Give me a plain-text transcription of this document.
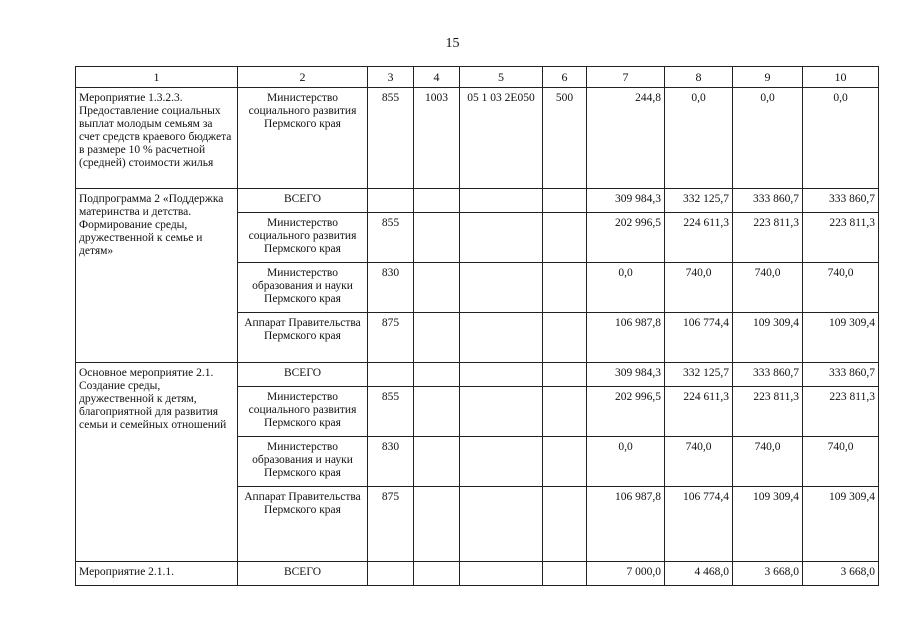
15
1	2	3	4	5	6	7	8	9	10
Мероприятие 1.3.2.3. Предоставление социальных выплат молодым семьям за счет средств краевого бюджета в размере 10 % расчетной (средней) стоимости жилья	Министерство социального развития Пермского края	855	1003	05 1 03 2Е050	500	244,8	0,0	0,0	0,0
Подпрограмма 2 «Поддержка материнства и детства. Формирование среды, дружественной к семье и детям»	ВСЕГО					309 984,3	332 125,7	333 860,7	333 860,7
	Министерство социального развития Пермского края	855				202 996,5	224 611,3	223 811,3	223 811,3
	Министерство образования и науки Пермского края	830				0,0	740,0	740,0	740,0
	Аппарат Правительства Пермского края	875				106 987,8	106 774,4	109 309,4	109 309,4
Основное мероприятие 2.1. Создание среды, дружественной к детям, благоприятной для развития семьи и семейных отношений	ВСЕГО					309 984,3	332 125,7	333 860,7	333 860,7
	Министерство социального развития Пермского края	855				202 996,5	224 611,3	223 811,3	223 811,3
	Министерство образования и науки Пермского края	830				0,0	740,0	740,0	740,0
	Аппарат Правительства Пермского края	875				106 987,8	106 774,4	109 309,4	109 309,4
Мероприятие 2.1.1.	ВСЕГО					7 000,0	4 468,0	3 668,0	3 668,0
